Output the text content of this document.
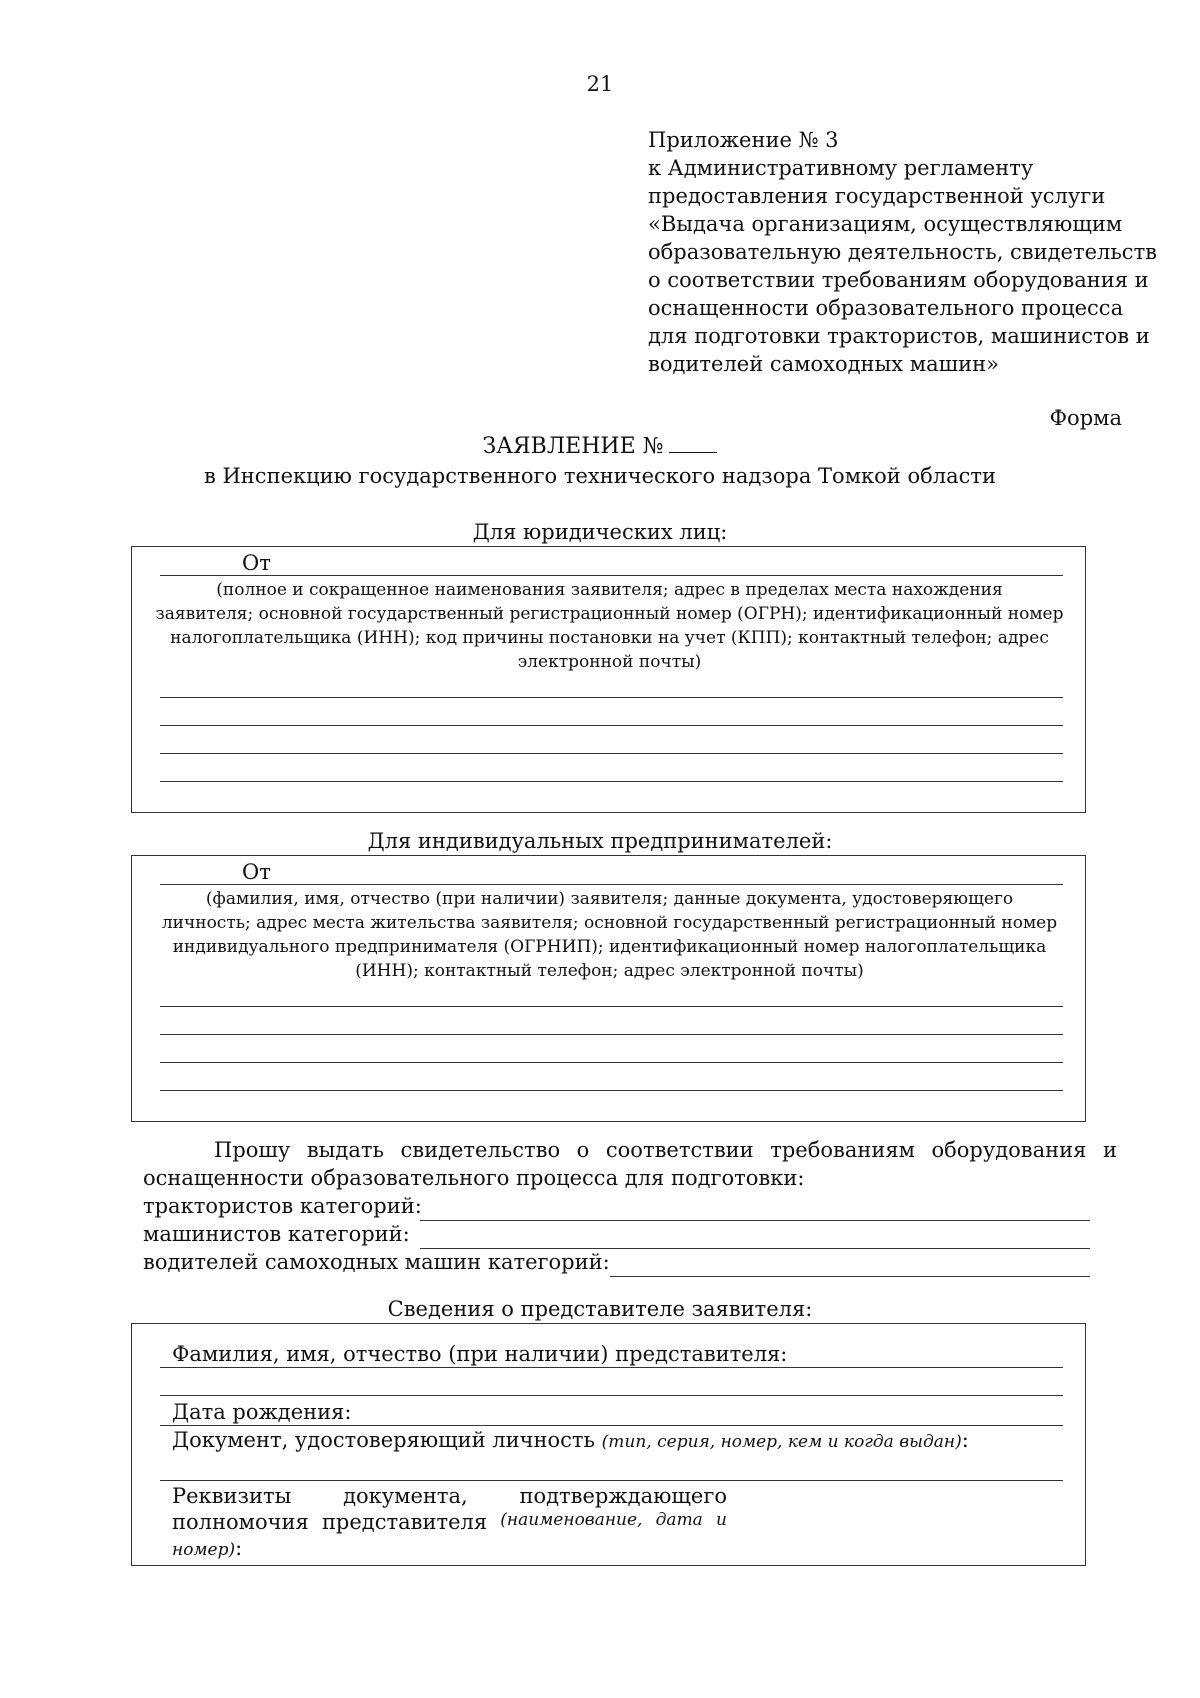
21
Приложение № 3
к Административному регламенту
предоставления государственной услуги
«Выдача организациям, осуществляющим
образовательную деятельность, свидетельств
о соответствии требованиям оборудования и
оснащенности образовательного процесса
для подготовки трактористов, машинистов и
водителей самоходных машин»
Форма
ЗАЯВЛЕНИЕ №
в Инспекцию государственного технического надзора Томкой области
Для юридических лиц:
От
(полное и сокращенное наименования заявителя; адрес в пределах места нахождения
заявителя; основной государственный регистрационный номер (ОГРН); идентификационный номер
налогоплательщика (ИНН); код причины постановки на учет (КПП); контактный телефон; адрес
электронной почты)
Для индивидуальных предпринимателей:
От
(фамилия, имя, отчество (при наличии) заявителя; данные документа, удостоверяющего
личность; адрес места жительства заявителя; основной государственный регистрационный номер
индивидуального предпринимателя (ОГРНИП); идентификационный номер налогоплательщика
(ИНН); контактный телефон; адрес электронной почты)
Прошу выдать свидетельство о соответствии требованиям оборудования и
оснащенности образовательного процесса для подготовки:
трактористов категорий:
машинистов категорий:
водителей самоходных машин категорий:
Сведения о представителе заявителя:
Фамилия, имя, отчество (при наличии) представителя:
Дата рождения:
Документ, удостоверяющий личность (тип, серия, номер, кем и когда выдан):
Реквизиты документа, подтверждающего
полномочия представителя (наименование, дата и
номер):
